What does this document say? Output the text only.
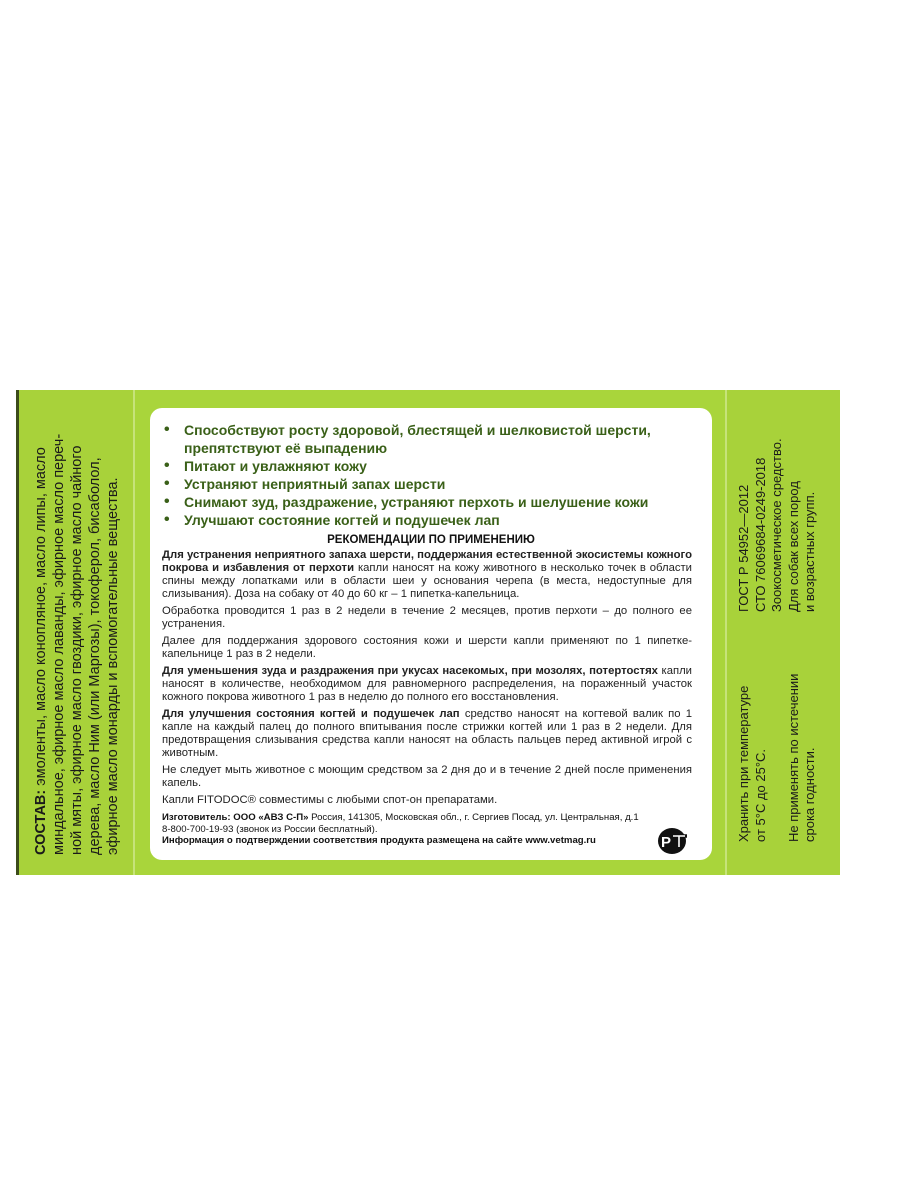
СОСТАВ: эмоленты, масло конопляное, масло липы, масло миндальное, эфирное масло лаванды, эфирное масло переч- ной мяты, эфирное масло гвоздики, эфирное масло чайного дерева, масло Ним (или Маргозы), токоферол, бисаболол, эфирное масло монарды и вспомогательные вещества.	ГОСТ Р 54952—2012 СТО 76069684-0249-2018 Зоокосметическое средство. Для собак всех пород и возрастных групп.
Хранить при температуре от 5°С до 25°С. Не применять по истечении срока годности.
• Способствуют росту здоровой, блестящей и шелковистой шерсти,
препятствуют её выпадению
• Питают и увлажняют кожу
• Устраняют неприятный запах шерсти
• Снимают зуд, раздражение, устраняют перхоть и шелушение кожи
• Улучшают состояние когтей и подушечек лап
РЕКОМЕНДАЦИИ ПО ПРИМЕНЕНИЮ

Для устранения неприятного запаха шерсти, поддержания естественной экосистемы кожного покрова и избавления от перхоти капли наносят на кожу животного в несколько точек в области спины между лопатками или в области шеи у основания черепа (в места, недоступные для слизывания). Доза на собаку от 40 до 60 кг – 1 пипетка-капельница.

Обработка проводится 1 раз в 2 недели в течение 2 месяцев, против перхоти – до полного ее устранения.

Далее для поддержания здорового состояния кожи и шерсти капли применяют по 1 пипетке-капельнице 1 раз в 2 недели.

Для уменьшения зуда и раздражения при укусах насекомых, при мозолях, потертостях капли наносят в количестве, необходимом для равномерного распределения, на пораженный участок кожного покрова животного 1 раз в неделю до полного его восстановления.

Для улучшения состояния когтей и подушечек лап средство наносят на когтевой валик по 1 капле на каждый палец до полного впитывания после стрижки когтей или 1 раз в 2 недели. Для предотвращения слизывания средства капли наносят на область пальцев перед активной игрой с животным.

Не следует мыть животное с моющим средством за 2 дня до и в течение 2 дней после применения капель.

Капли FITODOC® совместимы с любыми спот-он препаратами.

Изготовитель: ООО «АВЗ С-П» Россия, 141305, Московская обл., г. Сергиев Посад, ул. Центральная, д.1
8-800-700-19-93 (звонок из России бесплатный).
Информация о подтверждении соответствия продукта размещена на сайте www.vetmag.ru	P
